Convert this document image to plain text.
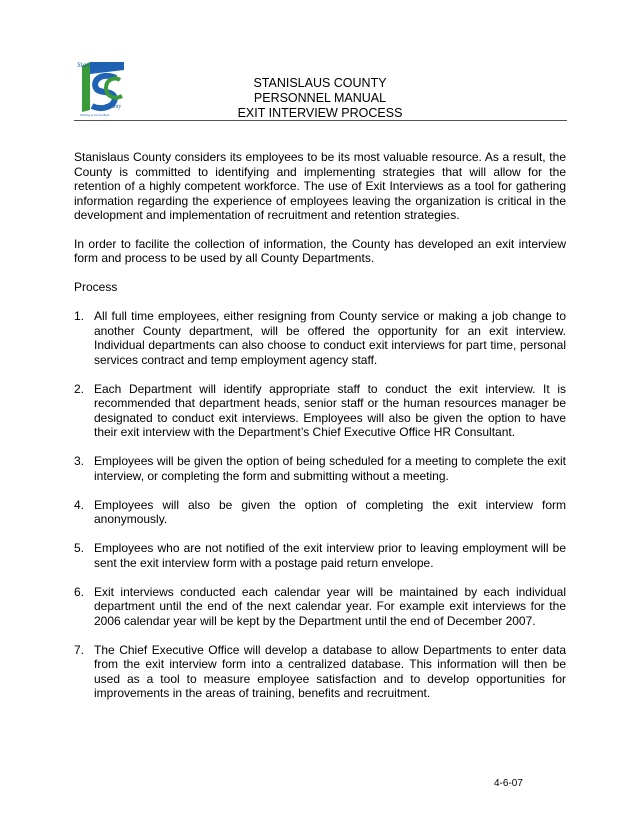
Stanislaus
County
Striving to be the Best
STANISLAUS COUNTY
PERSONNEL MANUAL
EXIT INTERVIEW PROCESS

Stanislaus County considers its employees to be its most valuable resource. As a result, the County is committed to identifying and implementing strategies that will allow for the retention of a highly competent workforce. The use of Exit Interviews as a tool for gathering information regarding the experience of employees leaving the organization is critical in the development and implementation of recruitment and retention strategies.

In order to facilite the collection of information, the County has developed an exit interview form and process to be used by all County Departments.

Process
1. All full time employees, either resigning from County service or making a job change to another County department, will be offered the opportunity for an exit interview. Individual departments can also choose to conduct exit interviews for part time, personal services contract and temp employment agency staff.
2. Each Department will identify appropriate staff to conduct the exit interview. It is recommended that department heads, senior staff or the human resources manager be designated to conduct exit interviews. Employees will also be given the option to have their exit interview with the Department’s Chief Executive Office HR Consultant.
3. Employees will be given the option of being scheduled for a meeting to complete the exit interview, or completing the form and submitting without a meeting.
4. Employees will also be given the option of completing the exit interview form anonymously.
5. Employees who are not notified of the exit interview prior to leaving employment will be sent the exit interview form with a postage paid return envelope.
6. Exit interviews conducted each calendar year will be maintained by each individual department until the end of the next calendar year. For example exit interviews for the 2006 calendar year will be kept by the Department until the end of December 2007.
7. The Chief Executive Office will develop a database to allow Departments to enter data from the exit interview form into a centralized database. This information will then be used as a tool to measure employee satisfaction and to develop opportunities for improvements in the areas of training, benefits and recruitment.
4-6-07
